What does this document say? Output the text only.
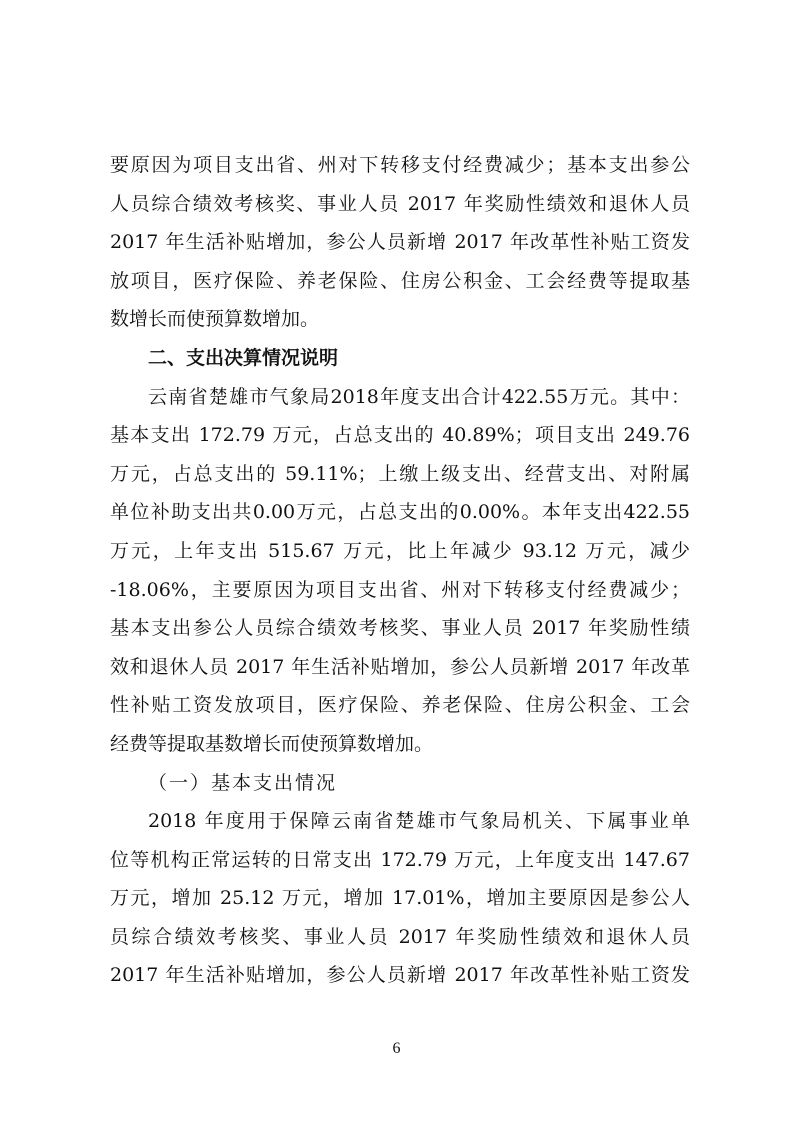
要原因为项目支出省、州对下转移支付经费减少；基本支出参公
人员综合绩效考核奖、事业人员 2017 年奖励性绩效和退休人员
2017 年生活补贴增加，参公人员新增 2017 年改革性补贴工资发
放项目，医疗保险、养老保险、住房公积金、工会经费等提取基
数增长而使预算数增加。
二、支出决算情况说明
云南省楚雄市气象局2018年度支出合计422.55万元。其中：
基本支出 172.79 万元，占总支出的 40.89%；项目支出 249.76
万元，占总支出的 59.11%；上缴上级支出、经营支出、对附属
单位补助支出共0.00万元，占总支出的0.00%。本年支出422.55
万元，上年支出 515.67 万元，比上年减少 93.12 万元，减少
-18.06%，主要原因为项目支出省、州对下转移支付经费减少；
基本支出参公人员综合绩效考核奖、事业人员 2017 年奖励性绩
效和退休人员 2017 年生活补贴增加，参公人员新增 2017 年改革
性补贴工资发放项目，医疗保险、养老保险、住房公积金、工会
经费等提取基数增长而使预算数增加。
（一）基本支出情况
2018 年度用于保障云南省楚雄市气象局机关、下属事业单
位等机构正常运转的日常支出 172.79 万元，上年度支出 147.67
万元，增加 25.12 万元，增加 17.01%，增加主要原因是参公人
员综合绩效考核奖、事业人员 2017 年奖励性绩效和退休人员
2017 年生活补贴增加，参公人员新增 2017 年改革性补贴工资发
6
